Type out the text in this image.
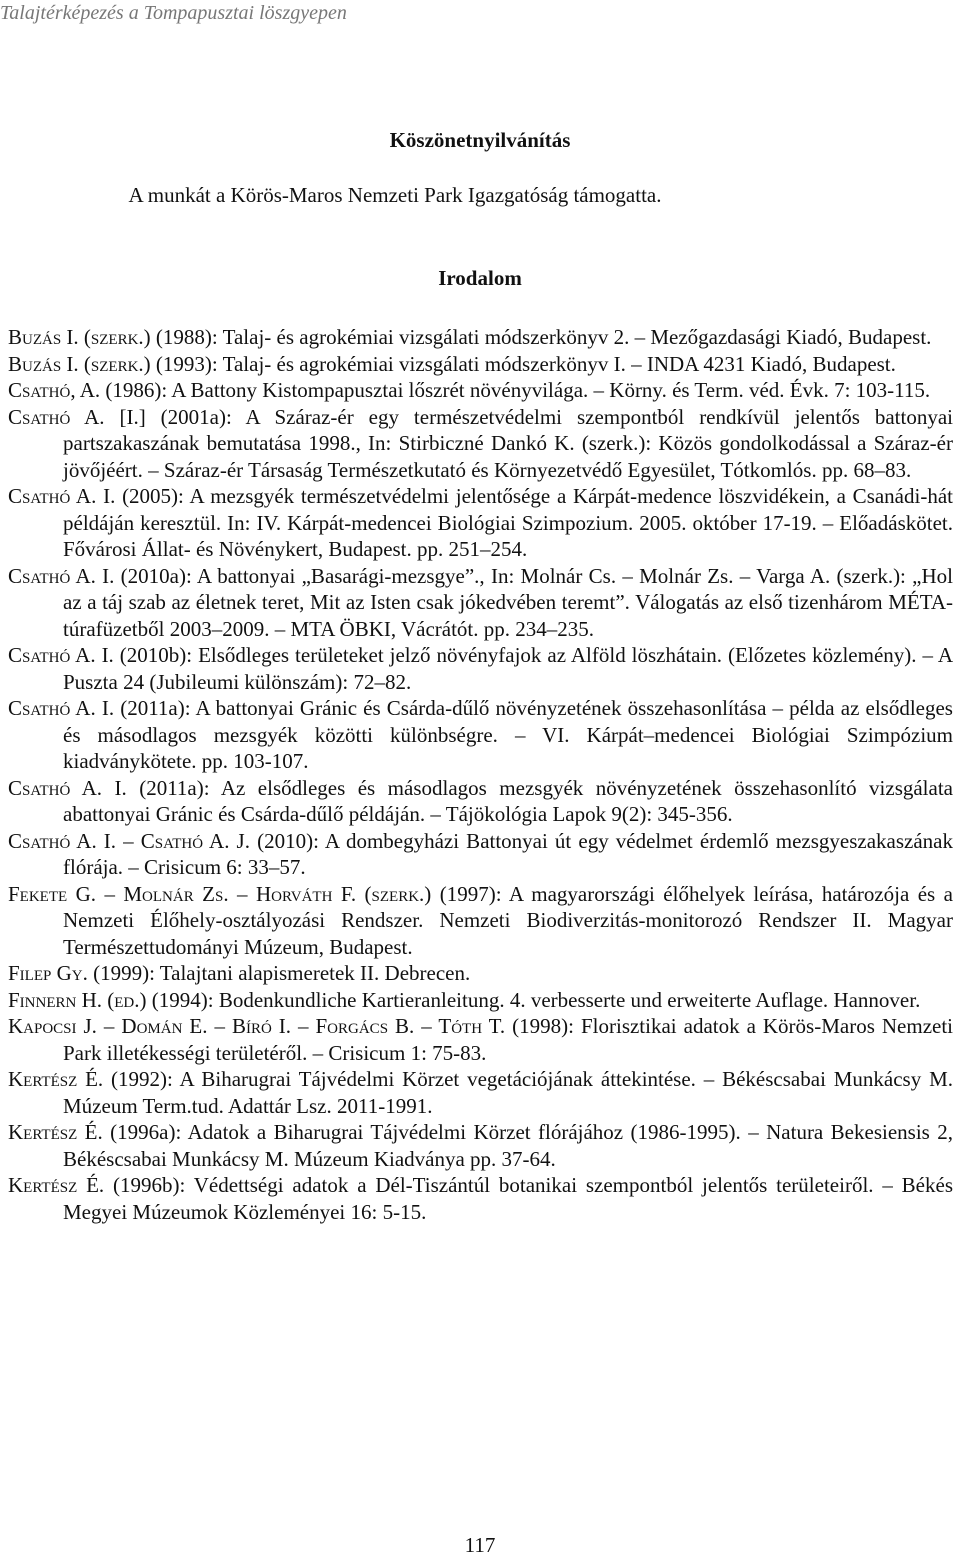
Talajtérképezés a Tompapusztai löszgyepen
Köszönetnyilvánítás
A munkát a Körös-Maros Nemzeti Park Igazgatóság támogatta.
Irodalom

Buzás I. (szerk.) (1988): Talaj- és agrokémiai vizsgálati módszerkönyv 2. – Mezőgazdasági Kiadó, Budapest.

Buzás I. (szerk.) (1993): Talaj- és agrokémiai vizsgálati módszerkönyv I. – INDA 4231 Kiadó, Budapest.

Csathó, A. (1986): A Battony Kistompapusztai lőszrét növényvilága. – Körny. és Term. véd. Évk. 7: 103-115.

Csathó A. [I.] (2001a): A Száraz-ér egy természetvédelmi szempontból rendkívül jelentős battonyai partszakaszának bemutatása 1998., In: Stirbiczné Dankó K. (szerk.): Közös gondolkodással a Száraz-ér jövőjéért. – Száraz-ér Társaság Természetkutató és Környezetvédő Egyesület, Tótkomlós. pp. 68–83.

Csathó A. I. (2005): A mezsgyék természetvédelmi jelentősége a Kárpát-medence löszvidékein, a Csanádi-hát példáján keresztül. In: IV. Kárpát-medencei Biológiai Szimpozium. 2005. október 17-19. – Előadáskötet. Fővárosi Állat- és Növénykert, Budapest. pp. 251–254.

Csathó A. I. (2010a): A battonyai „Basarági-mezsgye”., In: Molnár Cs. – Molnár Zs. – Varga A. (szerk.): „Hol az a táj szab az életnek teret, Mit az Isten csak jókedvében teremt”. Válogatás az első tizenhárom MÉTA-túrafüzetből 2003–2009. – MTA ÖBKI, Vácrátót. pp. 234–235.

Csathó A. I. (2010b): Elsődleges területeket jelző növényfajok az Alföld löszhátain. (Előzetes közlemény). – A Puszta 24 (Jubileumi különszám): 72–82.

Csathó A. I. (2011a): A battonyai Gránic és Csárda-dűlő növényzetének összehasonlítása – példa az elsődleges és másodlagos mezsgyék közötti különbségre. – VI. Kárpát–medencei Biológiai Szimpózium kiadványkötete. pp. 103-107.

Csathó A. I. (2011a): Az elsődleges és másodlagos mezsgyék növényzetének összehasonlító vizsgálata abattonyai Gránic és Csárda-dűlő példáján. – Tájökológia Lapok 9(2): 345-356.

Csathó A. I. – Csathó A. J. (2010): A dombegyházi Battonyai út egy védelmet érdemlő mezsgyeszakaszának flórája. – Crisicum 6: 33–57.

Fekete G. – Molnár Zs. – Horváth F. (szerk.) (1997): A magyarországi élőhelyek leírása, határozója és a Nemzeti Élőhely-osztályozási Rendszer. Nemzeti Biodiverzitás-monitorozó Rendszer II. Magyar Természettudományi Múzeum, Budapest.

Filep Gy. (1999): Talajtani alapismeretek II. Debrecen.

Finnern H. (ed.) (1994): Bodenkundliche Kartieranleitung. 4. verbesserte und erweiterte Auflage. Hannover.

Kapocsi J. – Domán E. – Bíró I. – Forgács B. – Tóth T. (1998): Florisztikai adatok a Körös-Maros Nemzeti Park illetékességi területéről. – Crisicum 1: 75-83.

Kertész É. (1992): A Biharugrai Tájvédelmi Körzet vegetációjának áttekintése. – Békéscsabai Munkácsy M. Múzeum Term.tud. Adattár Lsz. 2011-1991.

Kertész É. (1996a): Adatok a Biharugrai Tájvédelmi Körzet flórájához (1986-1995). – Natura Bekesiensis 2, Békéscsabai Munkácsy M. Múzeum Kiadványa pp. 37-64.

Kertész É. (1996b): Védettségi adatok a Dél-Tiszántúl botanikai szempontból jelentős területeiről. – Békés Megyei Múzeumok Közleményei 16: 5-15.

117
